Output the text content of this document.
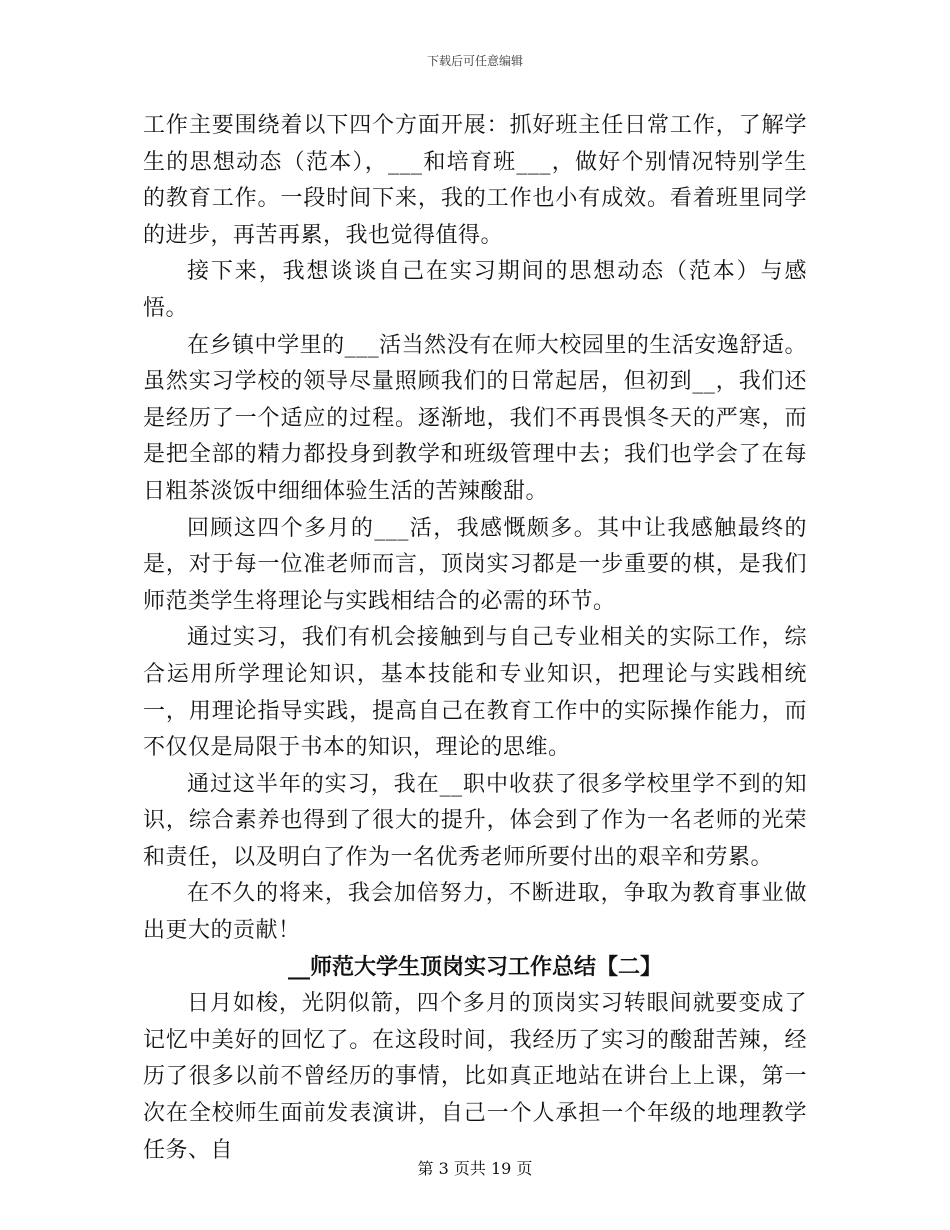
下载后可任意编辑

工作主要围绕着以下四个方面开展：抓好班主任日常工作，了解学生的思想动态（范本），___和培育班___，做好个别情况特别学生的教育工作。一段时间下来，我的工作也小有成效。看着班里同学的进步，再苦再累，我也觉得值得。

接下来，我想谈谈自己在实习期间的思想动态（范本）与感悟。

在乡镇中学里的___活当然没有在师大校园里的生活安逸舒适。虽然实习学校的领导尽量照顾我们的日常起居，但初到__，我们还是经历了一个适应的过程。逐渐地，我们不再畏惧冬天的严寒，而是把全部的精力都投身到教学和班级管理中去；我们也学会了在每日粗茶淡饭中细细体验生活的苦辣酸甜。

回顾这四个多月的___活，我感慨颇多。其中让我感触最终的是，对于每一位准老师而言，顶岗实习都是一步重要的棋，是我们师范类学生将理论与实践相结合的必需的环节。

通过实习，我们有机会接触到与自己专业相关的实际工作，综合运用所学理论知识，基本技能和专业知识，把理论与实践相统一，用理论指导实践，提高自己在教育工作中的实际操作能力，而不仅仅是局限于书本的知识，理论的思维。

通过这半年的实习，我在__职中收获了很多学校里学不到的知识，综合素养也得到了很大的提升，体会到了作为一名老师的光荣和责任，以及明白了作为一名优秀老师所要付出的艰辛和劳累。

在不久的将来，我会加倍努力，不断进取，争取为教育事业做出更大的贡献！

__师范大学生顶岗实习工作总结【二】

日月如梭，光阴似箭，四个多月的顶岗实习转眼间就要变成了记忆中美好的回忆了。在这段时间，我经历了实习的酸甜苦辣，经历了很多以前不曾经历的事情，比如真正地站在讲台上上课，第一次在全校师生面前发表演讲，自己一个人承担一个年级的地理教学任务、自

第 3 页共 19 页
